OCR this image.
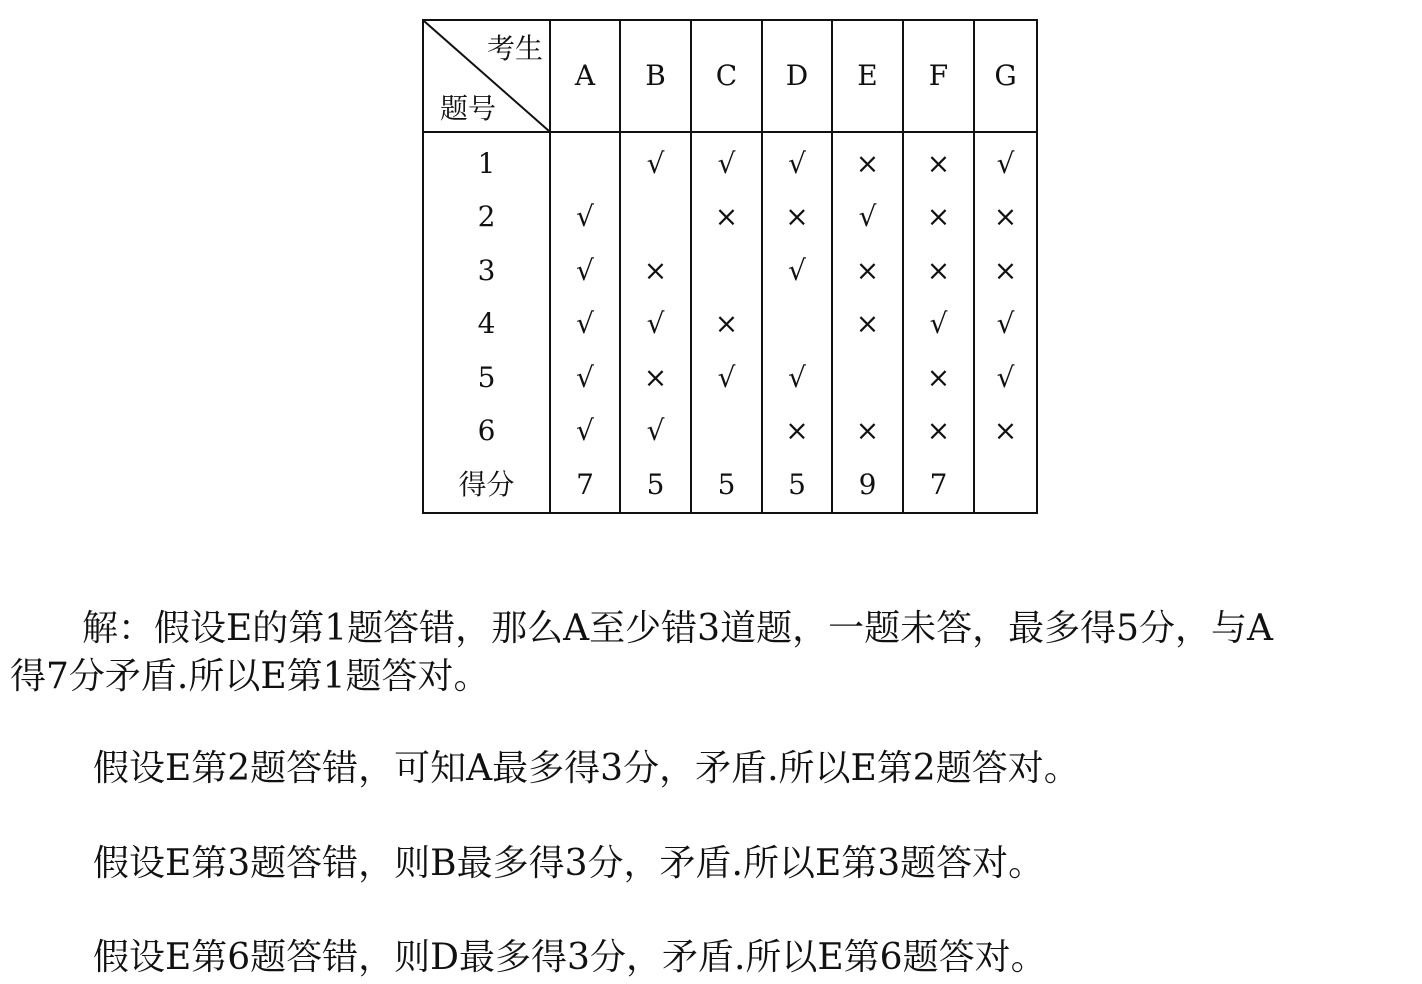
考生
题号	A	B	C	D	E	F	G
1		√	√	√	×	×	√
2	√		×	×	√	×	×
3	√	×		√	×	×	×
4	√	√	×		×	√	√
5	√	×	√	√		×	√
6	√	√		×	×	×	×
得分	7	5	5	5	9	7	

　　解：假设E的第1题答错，那么A至少错3道题，一题未答，最多得5分，与A

得7分矛盾.所以E第1题答对。

假设E第2题答错，可知A最多得3分，矛盾.所以E第2题答对。

假设E第3题答错，则B最多得3分，矛盾.所以E第3题答对。

假设E第6题答错，则D最多得3分，矛盾.所以E第6题答对。
